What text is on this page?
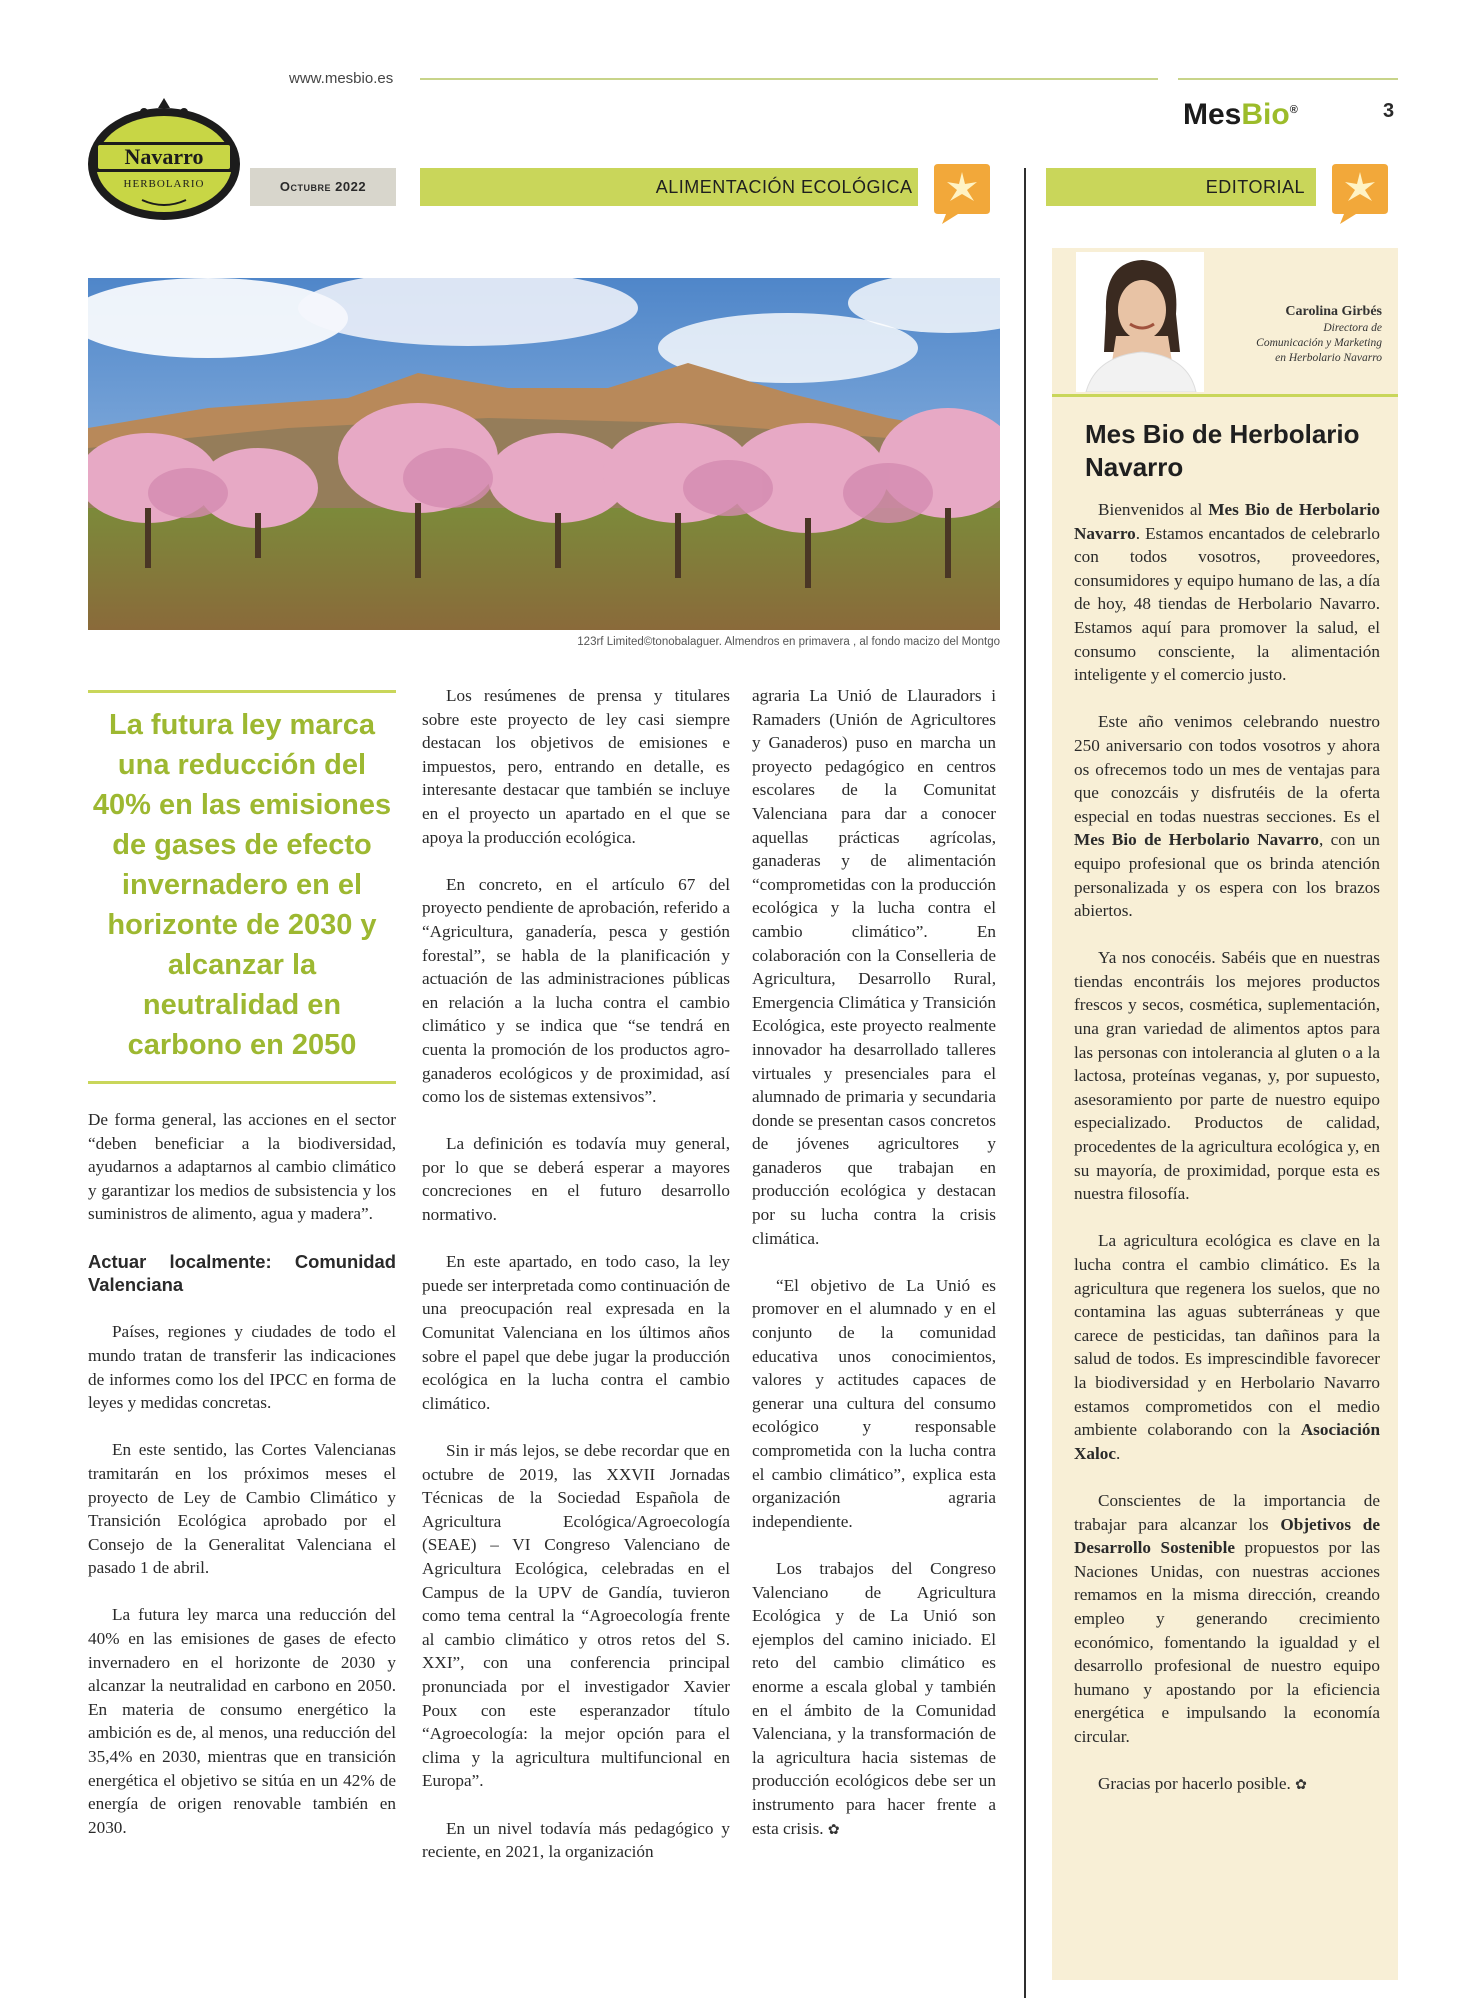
www.mesbio.es
Navarro
HERBOLARIO	Octubre 2022	ALIMENTACIÓN ECOLÓGICA	EDITORIAL
MesBio®	3
123rf Limited©tonobalaguer. Almendros en primavera , al fondo macizo del Montgo
La futura ley marca una reducción del 40% en las emisiones de gases de efecto invernadero en el horizonte de 2030 y alcanzar la neutralidad en carbono en 2050

De forma general, las acciones en el sector “deben beneficiar a la biodiversidad, ayudarnos a adaptarnos al cambio climático y garantizar los medios de subsistencia y los suministros de alimento, agua y madera”.

Actuar localmente: Comunidad Valenciana

Países, regiones y ciudades de todo el mundo tratan de transferir las indicaciones de informes como los del IPCC en forma de leyes y medidas concretas.

En este sentido, las Cortes Valencianas tramitarán en los próximos meses el proyecto de Ley de Cambio Climático y Transición Ecológica aprobado por el Consejo de la Generalitat Valenciana el pasado 1 de abril.

La futura ley marca una reducción del 40% en las emisiones de gases de efecto invernadero en el horizonte de 2030 y alcanzar la neutralidad en carbono en 2050. En materia de consumo energético la ambición es de, al menos, una reducción del 35,4% en 2030, mientras que en transición energética el objetivo se sitúa en un 42% de energía de origen renovable también en 2030.

Los resúmenes de prensa y titulares sobre este proyecto de ley casi siempre destacan los objetivos de emisiones e impuestos, pero, entrando en detalle, es interesante destacar que también se incluye en el proyecto un apartado en el que se apoya la producción ecológica.

En concreto, en el artículo 67 del proyecto pendiente de aprobación, referido a “Agricultura, ganadería, pesca y gestión forestal”, se habla de la planificación y actuación de las administraciones públicas en relación a la lucha contra el cambio climático y se indica que “se tendrá en cuenta la promoción de los productos agro-ganaderos ecológicos y de proximidad, así como los de sistemas extensivos”.

La definición es todavía muy general, por lo que se deberá esperar a mayores concreciones en el futuro desarrollo normativo.

En este apartado, en todo caso, la ley puede ser interpretada como continuación de una preocupación real expresada en la Comunitat Valenciana en los últimos años sobre el papel que debe jugar la producción ecológica en la lucha contra el cambio climático.

Sin ir más lejos, se debe recordar que en octubre de 2019, las XXVII Jornadas Técnicas de la Sociedad Española de Agricultura Ecológica/Agroecología (SEAE) – VI Congreso Valenciano de Agricultura Ecológica, celebradas en el Campus de la UPV de Gandía, tuvieron como tema central la “Agroecología frente al cambio climático y otros retos del S. XXI”, con una conferencia principal pronunciada por el investigador Xavier Poux con este esperanzador título “Agroecología: la mejor opción para el clima y la agricultura multifuncional en Europa”.

En un nivel todavía más pedagógico y reciente, en 2021, la organización

agraria La Unió de Llauradors i Ramaders (Unión de Agricultores y Ganaderos) puso en marcha un proyecto pedagógico en centros escolares de la Comunitat Valenciana para dar a conocer aquellas prácticas agrícolas, ganaderas y de alimentación “comprometidas con la producción ecológica y la lucha contra el cambio climático”. En colaboración con la Conselleria de Agricultura, Desarrollo Rural, Emergencia Climática y Transición Ecológica, este proyecto realmente innovador ha desarrollado talleres virtuales y presenciales para el alumnado de primaria y secundaria donde se presentan casos concretos de jóvenes agricultores y ganaderos que trabajan en producción ecológica y destacan por su lucha contra la crisis climática.

“El objetivo de La Unió es promover en el alumnado y en el conjunto de la comunidad educativa unos conocimientos, valores y actitudes capaces de generar una cultura del consumo ecológico y responsable comprometida con la lucha contra el cambio climático”, explica esta organización agraria independiente.

Los trabajos del Congreso Valenciano de Agricultura Ecológica y de La Unió son ejemplos del camino iniciado. El reto del cambio climático es enorme a escala global y también en el ámbito de la Comunidad Valenciana, y la transformación de la agricultura hacia sistemas de producción ecológicos debe ser un instrumento para hacer frente a esta crisis. ✿

Carolina Girbés
Directora de
Comunicación y Marketing
en Herbolario Navarro
Mes Bio de Herbolario Navarro

Bienvenidos al Mes Bio de Herbolario Navarro. Estamos encantados de celebrarlo con todos vosotros, proveedores, consumidores y equipo humano de las, a día de hoy, 48 tiendas de Herbolario Navarro. Estamos aquí para promover la salud, el consumo consciente, la alimentación inteligente y el comercio justo.

Este año venimos celebrando nuestro 250 aniversario con todos vosotros y ahora os ofrecemos todo un mes de ventajas para que conozcáis y disfrutéis de la oferta especial en todas nuestras secciones. Es el Mes Bio de Herbolario Navarro, con un equipo profesional que os brinda atención personalizada y os espera con los brazos abiertos.

Ya nos conocéis. Sabéis que en nuestras tiendas encontráis los mejores productos frescos y secos, cosmética, suplementación, una gran variedad de alimentos aptos para las personas con intolerancia al gluten o a la lactosa, proteínas veganas, y, por supuesto, asesoramiento por parte de nuestro equipo especializado. Productos de calidad, procedentes de la agricultura ecológica y, en su mayoría, de proximidad, porque esta es nuestra filosofía.

La agricultura ecológica es clave en la lucha contra el cambio climático. Es la agricultura que regenera los suelos, que no contamina las aguas subterráneas y que carece de pesticidas, tan dañinos para la salud de todos. Es imprescindible favorecer la biodiversidad y en Herbolario Navarro estamos comprometidos con el medio ambiente colaborando con la Asociación Xaloc.

Conscientes de la importancia de trabajar para alcanzar los Objetivos de Desarrollo Sostenible propuestos por las Naciones Unidas, con nuestras acciones remamos en la misma dirección, creando empleo y generando crecimiento económico, fomentando la igualdad y el desarrollo profesional de nuestro equipo humano y apostando por la eficiencia energética e impulsando la economía circular.

Gracias por hacerlo posible. ✿
